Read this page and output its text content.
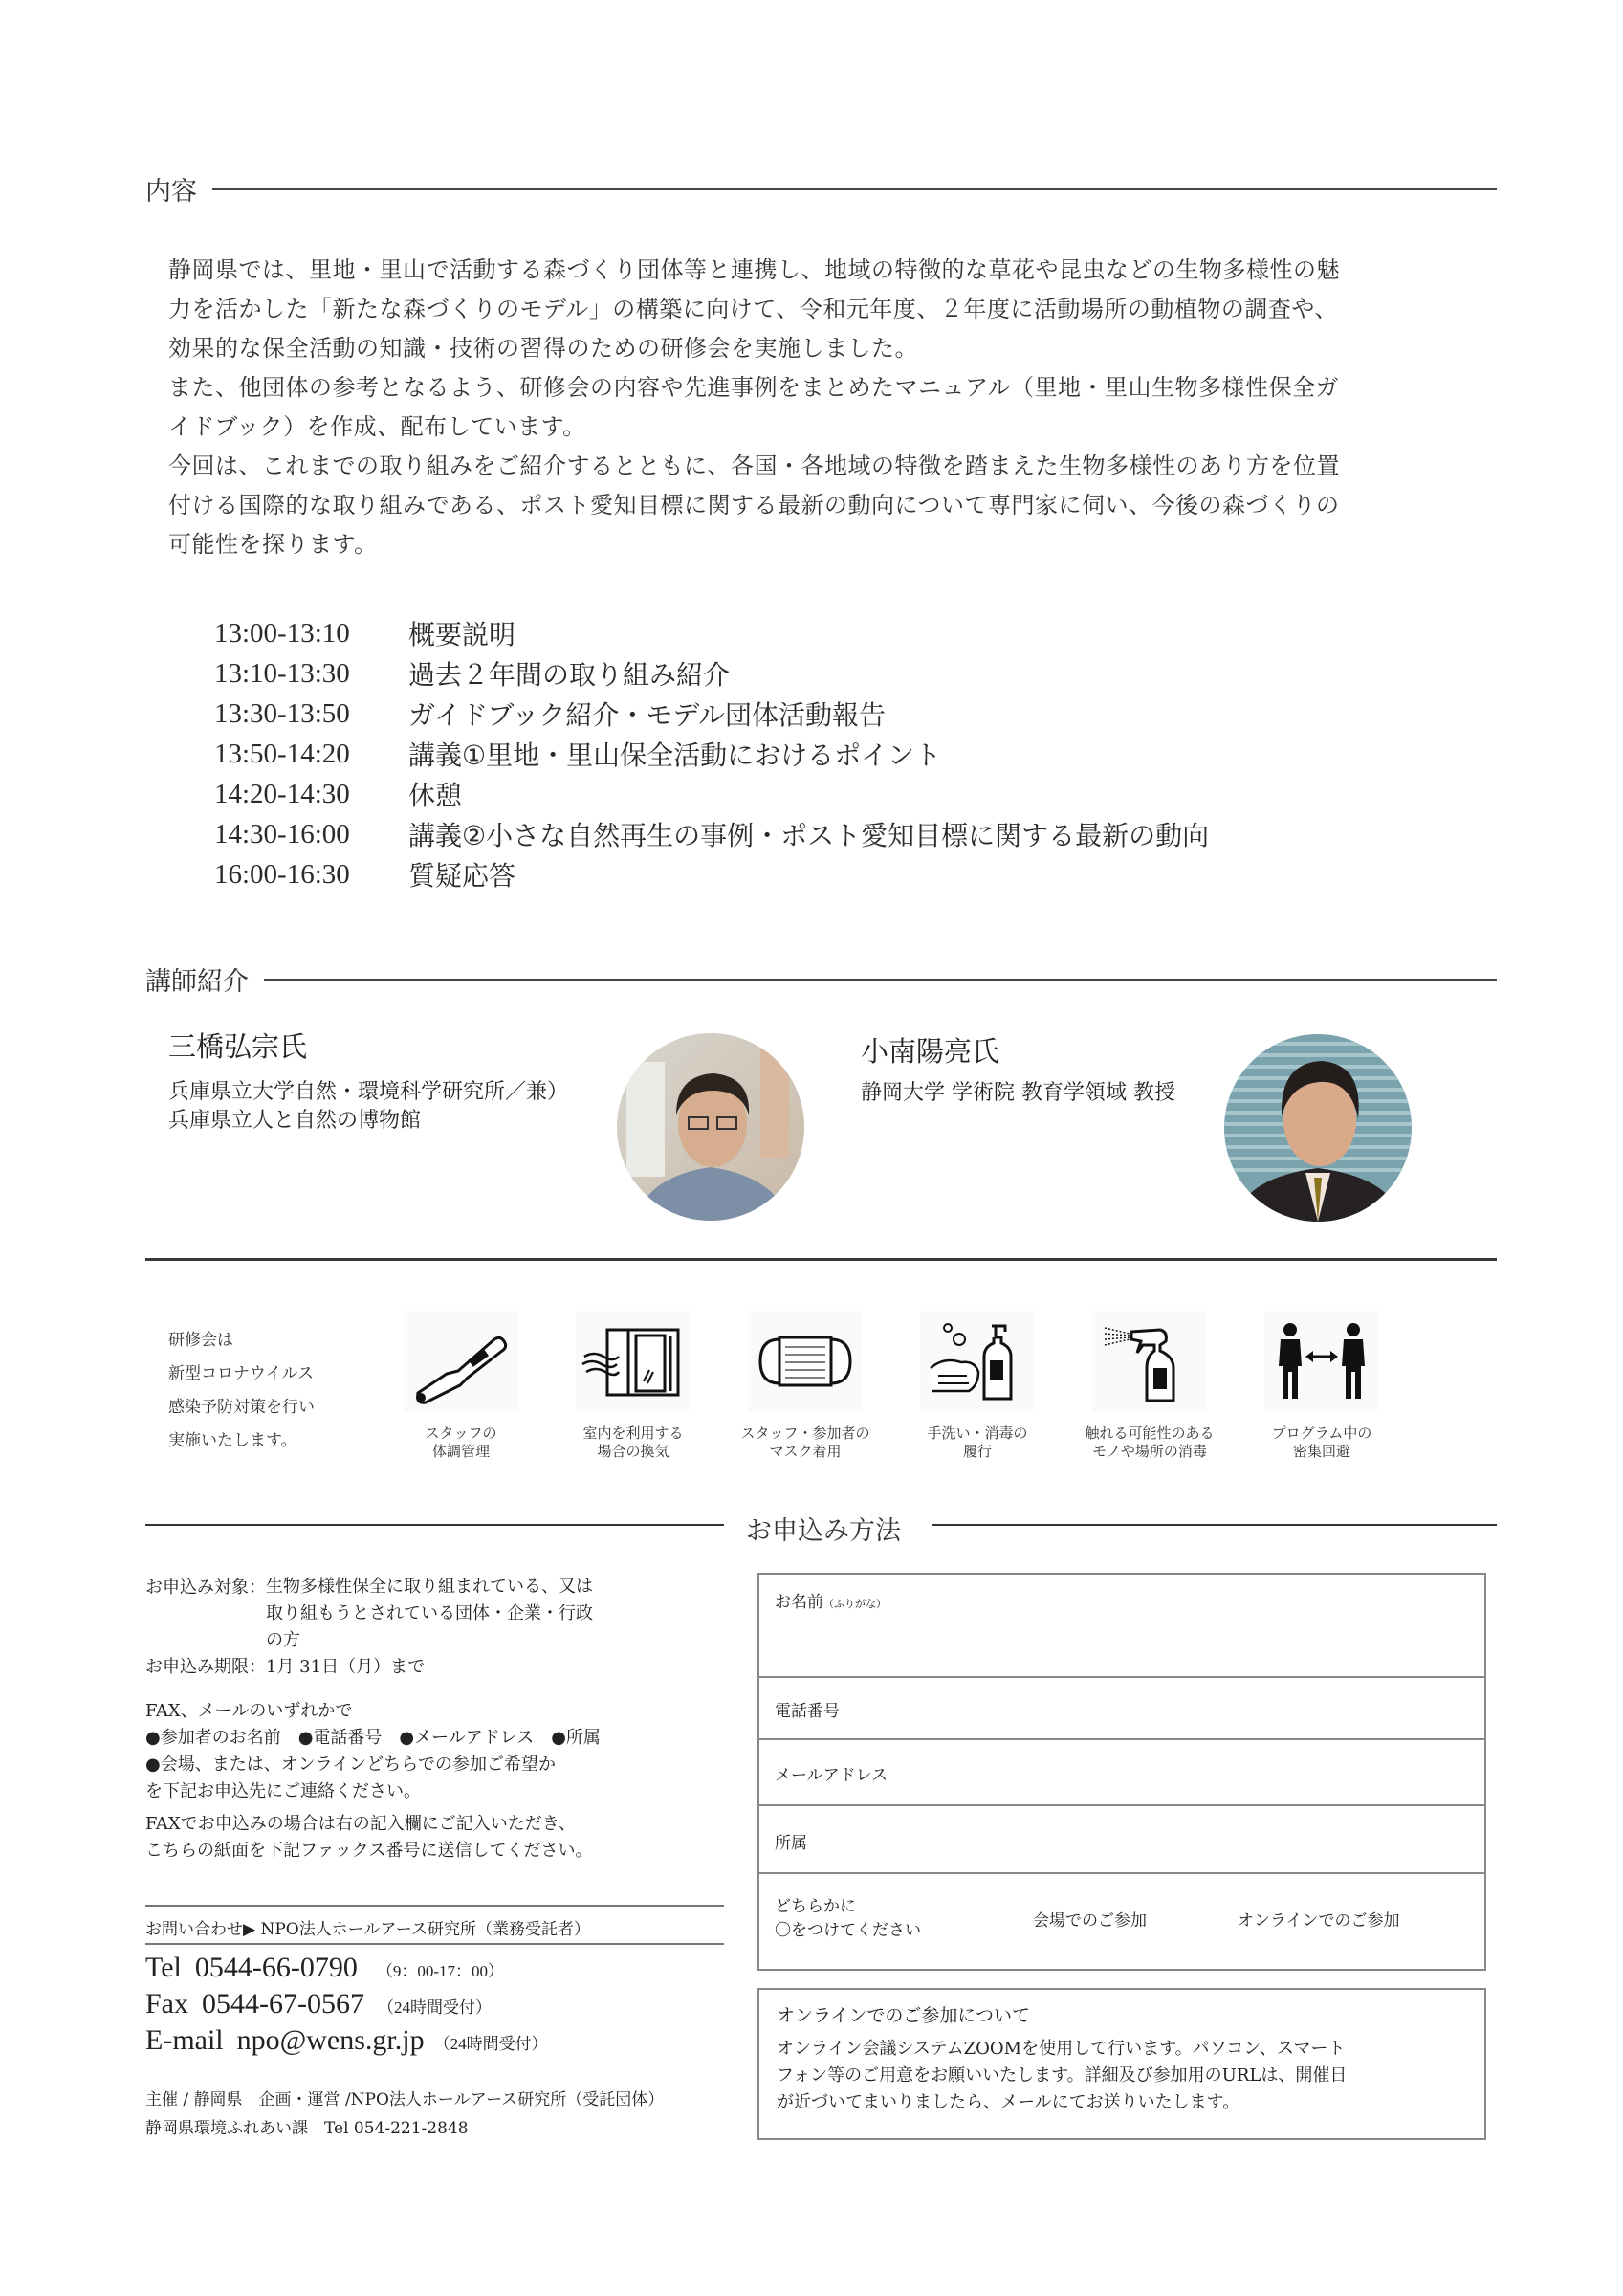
内容

静岡県では、里地・里山で活動する森づくり団体等と連携し、地域の特徴的な草花や昆虫などの生物多様性の魅

力を活かした「新たな森づくりのモデル」の構築に向けて、令和元年度、２年度に活動場所の動植物の調査や、

効果的な保全活動の知識・技術の習得のための研修会を実施しました。

また、他団体の参考となるよう、研修会の内容や先進事例をまとめたマニュアル（里地・里山生物多様性保全ガ

イドブック）を作成、配布しています。

今回は、これまでの取り組みをご紹介するとともに、各国・各地域の特徴を踏まえた生物多様性のあり方を位置

付ける国際的な取り組みである、ポスト愛知目標に関する最新の動向について専門家に伺い、今後の森づくりの

可能性を探ります。

13:00-13:10	概要説明
13:10-13:30	過去２年間の取り組み紹介
13:30-13:50	ガイドブック紹介・モデル団体活動報告
13:50-14:20	講義①里地・里山保全活動におけるポイント
14:20-14:30	休憩
14:30-16:00	講義②小さな自然再生の事例・ポスト愛知目標に関する最新の動向
16:00-16:30	質疑応答
講師紹介
三橋弘宗氏
兵庫県立大学自然・環境科学研究所／兼）
兵庫県立人と自然の博物館
小南陽亮氏
静岡大学 学術院 教育学領域 教授
研修会は
新型コロナウイルス
感染予防対策を行い
実施いたします。	スタッフの
体調管理
室内を利用する
場合の換気
スタッフ・参加者の
マスク着用
手洗い・消毒の
履行
触れる可能性のある
モノや場所の消毒
プログラム中の
密集回避
お申込み方法
お申込み対象： 生物多様性保全に取り組まれている、又は
取り組もうとされている団体・企業・行政
の方
お申込み期限： 1月 31日（月）まで
FAX、メールのいずれかで
●参加者のお名前　●電話番号　●メールアドレス　●所属
●会場、または、オンラインどちらでの参加ご希望か
を下記お申込先にご連絡ください。
FAXでお申込みの場合は右の記入欄にご記入いただき、
こちらの紙面を下記ファックス番号に送信してください。
お問い合わせ▶ NPO法人ホールアース研究所（業務受託者）
Tel 0544-66-0790 （9：00-17：00）
Fax 0544-67-0567 （24時間受付）
E-mail npo@wens.gr.jp （24時間受付）
主催 / 静岡県　企画・運営 /NPO法人ホールアース研究所（受託団体）
静岡県環境ふれあい課　Tel 054-221-2848
お名前（ふりがな）
電話番号
メールアドレス
所属
どちらかに
〇をつけてください	会場でのご参加	オンラインでのご参加
オンラインでのご参加について
オンライン会議システムZOOMを使用して行います。パソコン、スマート
フォン等のご用意をお願いいたします。詳細及び参加用のURLは、開催日
が近づいてまいりましたら、メールにてお送りいたします。
